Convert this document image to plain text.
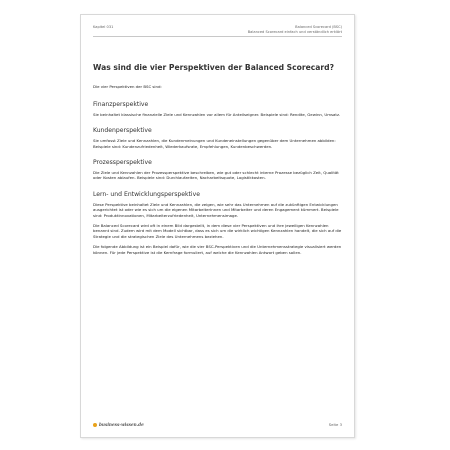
Kapitel 031	Balanced Scorecard (BSC)
Balanced Scorecard einfach und verständlich erklärt
Was sind die vier Perspektiven der Balanced Scorecard?
Die vier Perspektiven der BSC sind:
Finanzperspektive

Sie beinhaltet klassische finanzielle Ziele und Kennzahlen vor allem für Anteilseigner. Beispiele sind: Rendite, Gewinn, Umsatz.

Kundenperspektive

Sie umfasst Ziele und Kennzahlen, die Kundenmeinungen und Kundeneinstellungen gegenüber dem Unternehmen abbilden: Beispiele sind: Kundenzufriedenheit, Wiederkaufsrate, Empfehlungen, Kundenbeschwerden.

Prozessperspektive

Die Ziele und Kennzahlen der Prozessperspektive beschreiben, wie gut oder schlecht interne Prozesse bezüglich Zeit, Qualität oder Kosten ablaufen. Beispiele sind: Durchlaufzeiten, Nacharbeitsquote, Logistikkosten.

Lern- und Entwicklungsperspektive

Diese Perspektive beinhaltet Ziele und Kennzahlen, die zeigen, wie sehr das Unternehmen auf die zukünftigen Entwicklungen ausgerichtet ist oder wie es sich um die eigenen MitarbeiterInnen und Mitarbeiter und deren Engagement kümmert. Beispiele sind: Produktinnovationen, Mitarbeiterzufriedenheit, Unternehmensimage.

Die Balanced Scorecard wird oft in einem Bild dargestellt, in dem diese vier Perspektiven und ihre jeweiligen Kennzahlen benannt sind. Zudem wird mit dem Modell sichtbar, dass es sich um die wirklich wichtigen Kennzahlen handelt, die sich auf die Strategie und die strategischen Ziele des Unternehmens beziehen.

Die folgende Abbildung ist ein Beispiel dafür, wie die vier BSC-Perspektiven und die Unternehmensstrategie visualisiert werden können. Für jede Perspektive ist die Kernfrage formuliert, auf welche die Kennzahlen Antwort geben sollen.

business-wissen.de	Seite 3
